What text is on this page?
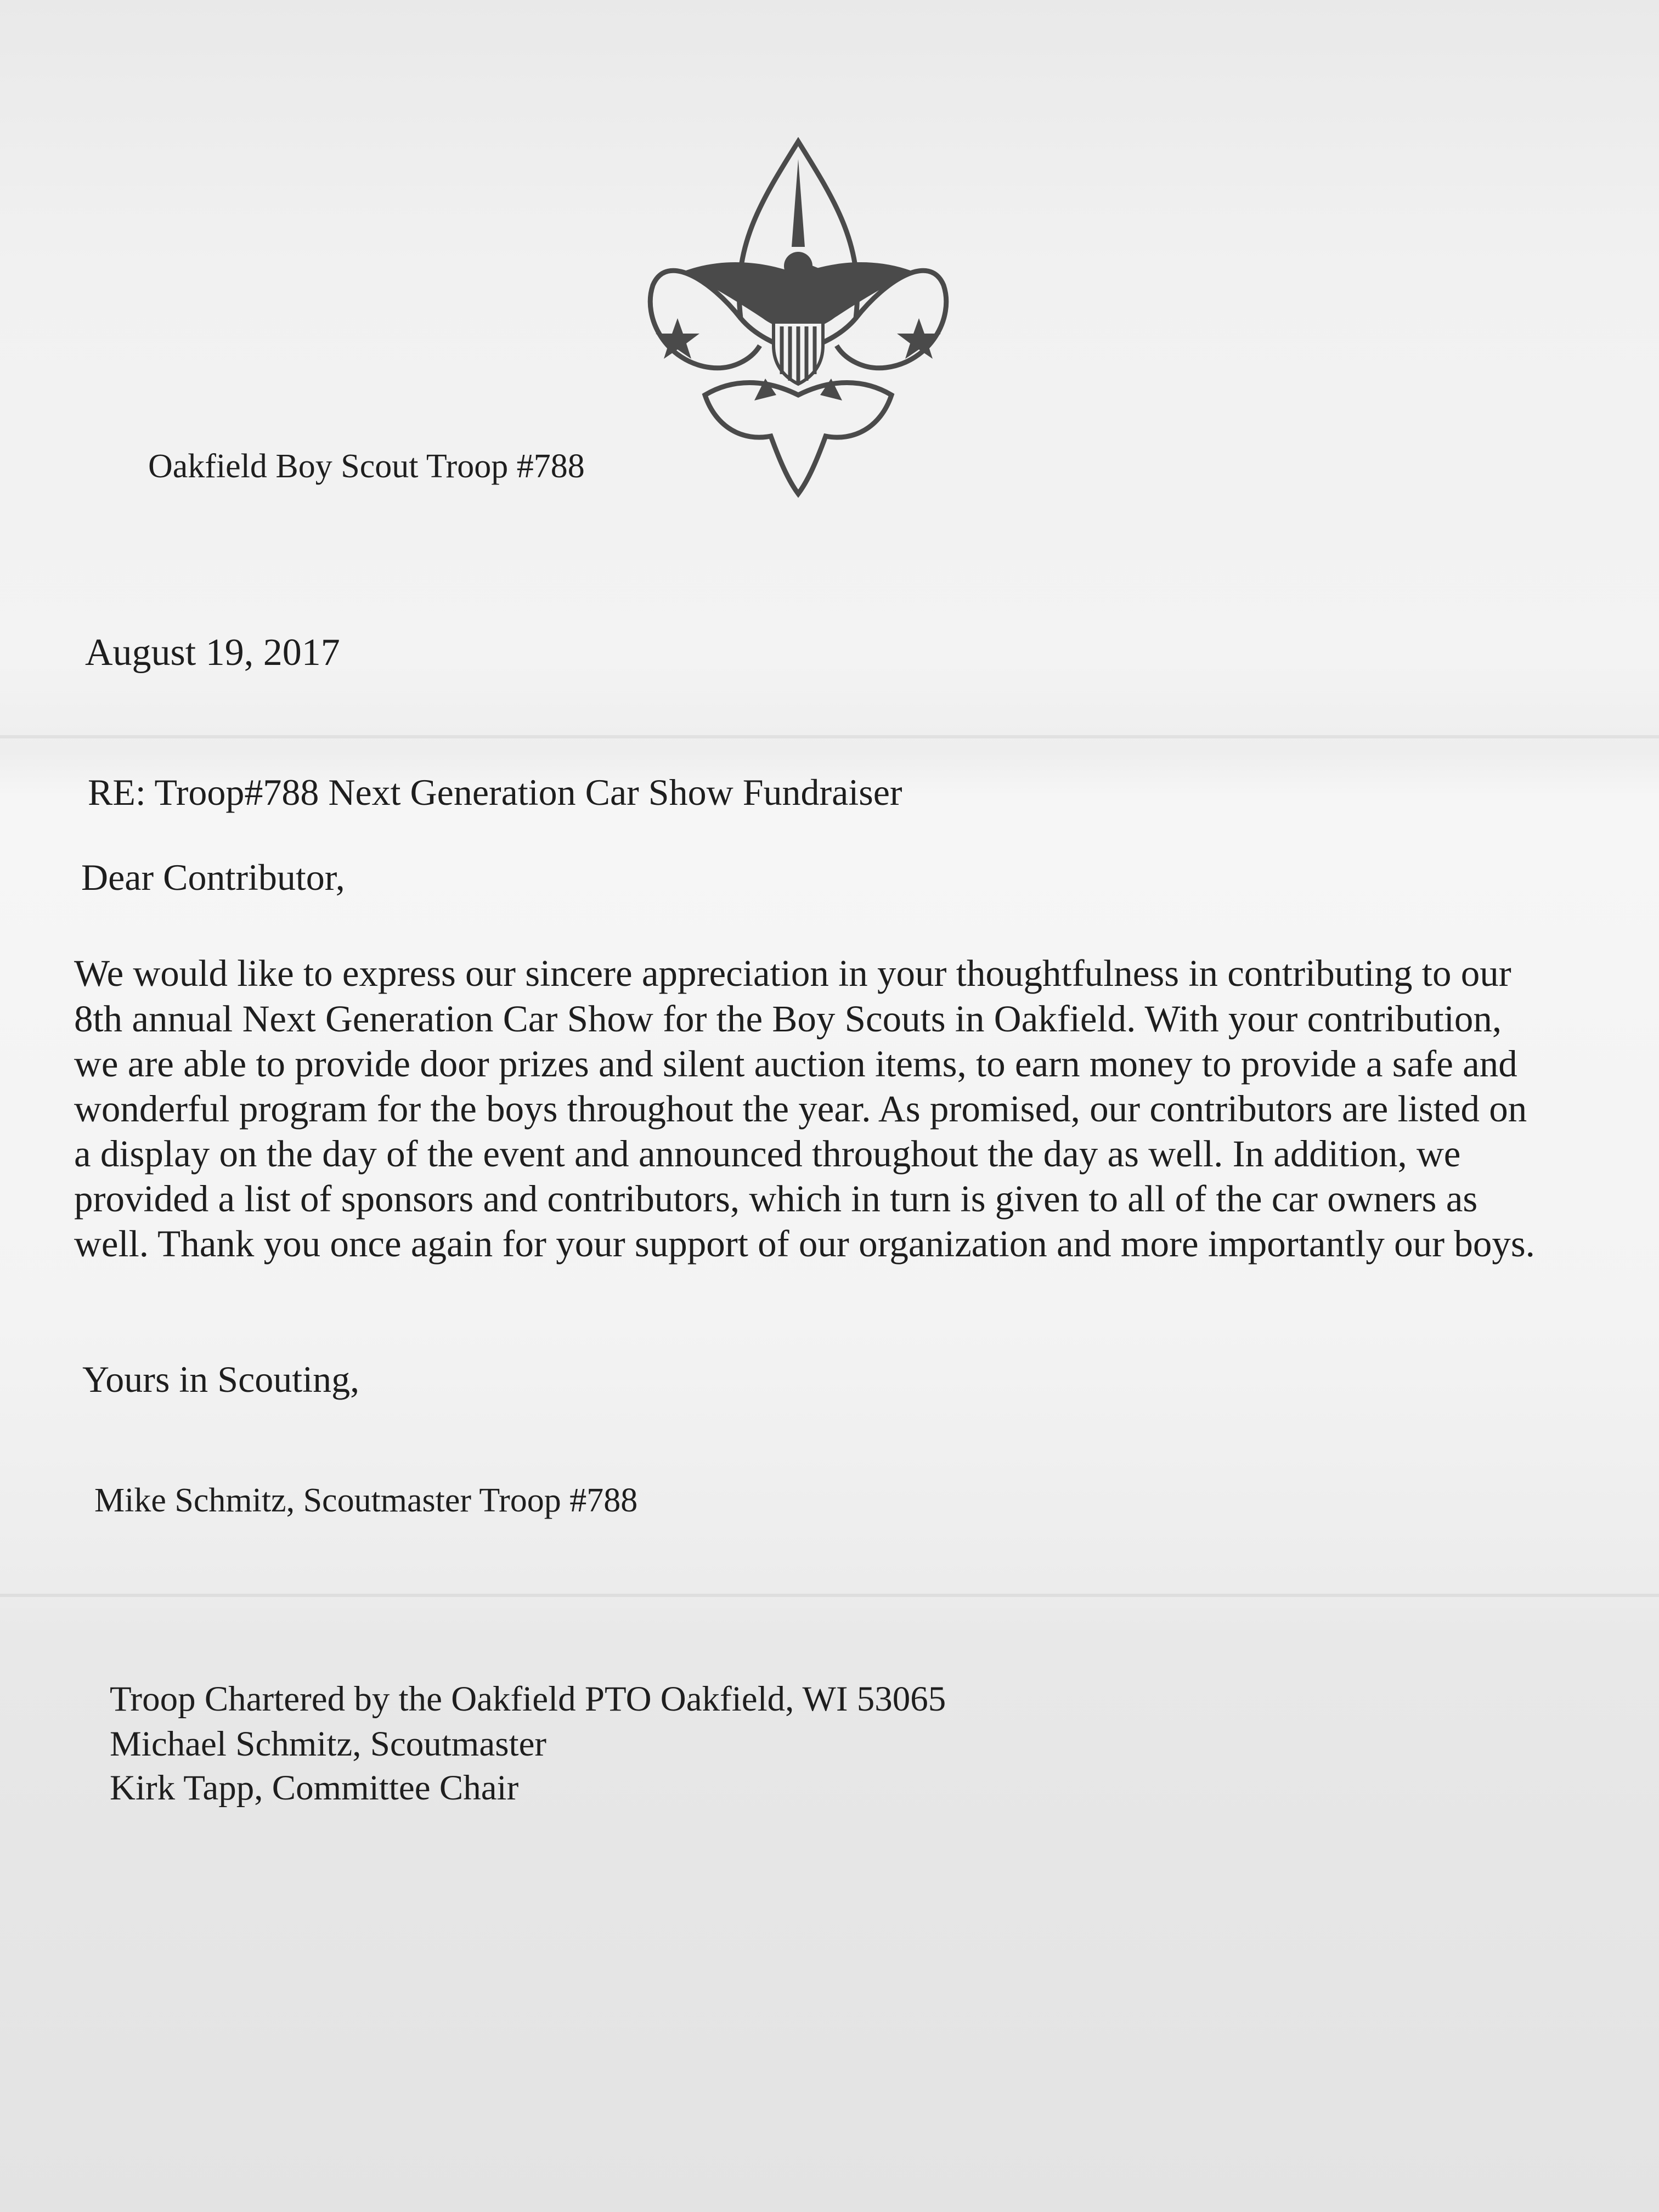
Oakfield Boy Scout Troop #788
August 19, 2017
RE: Troop#788 Next Generation Car Show Fundraiser
Dear Contributor,
We would like to express our sincere appreciation in your thoughtfulness in contributing to our
8th annual Next Generation Car Show for the Boy Scouts in Oakfield. With your contribution,
we are able to provide door prizes and silent auction items, to earn money to provide a safe and
wonderful program for the boys throughout the year. As promised, our contributors are listed on
a display on the day of the event and announced throughout the day as well. In addition, we
provided a list of sponsors and contributors, which in turn is given to all of the car owners as
well. Thank you once again for your support of our organization and more importantly our boys.
Yours in Scouting,
Mike Schmitz, Scoutmaster Troop #788
Troop Chartered by the Oakfield PTO Oakfield, WI 53065
Michael Schmitz, Scoutmaster
Kirk Tapp, Committee Chair
